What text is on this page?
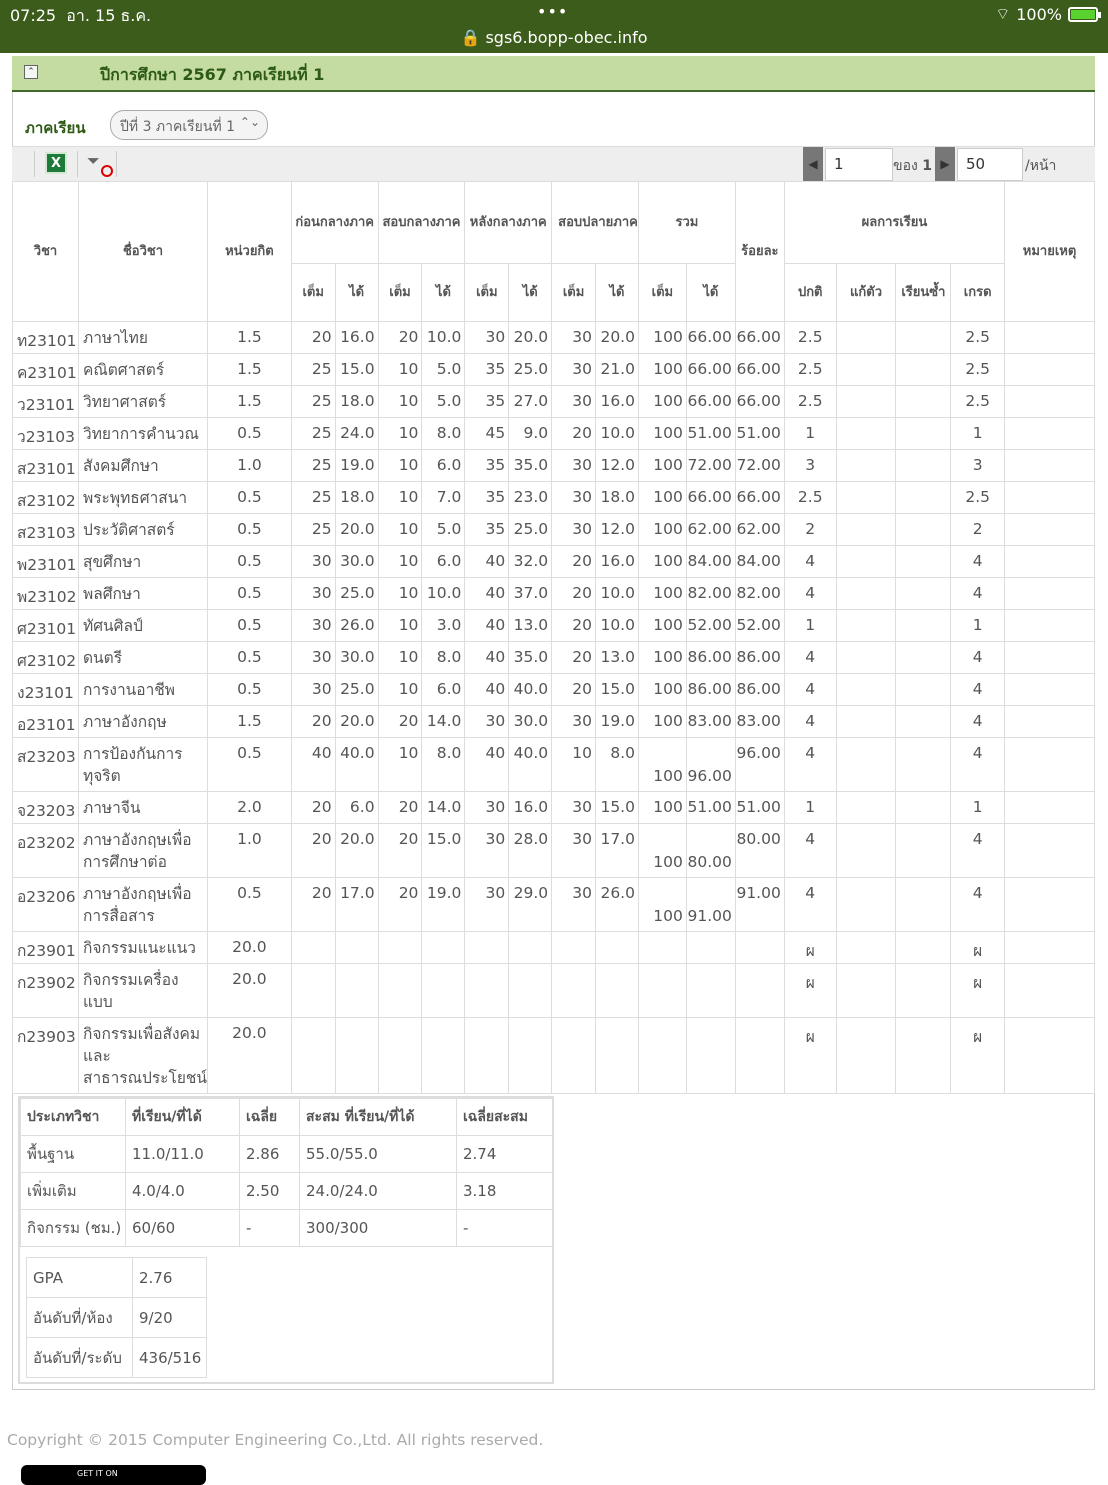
07:25 อา. 15 ธ.ค.	•••
🔒 sgs6.bopp-obec.info
⌔ 100%
⌃	ปีการศึกษา 2567 ภาคเรียนที่ 1
ภาคเรียน	ปีที่ 3 ภาคเรียนที่ 1 ⌃⌄
X	⏷	◀	1	ของ 1 ▶	50	/หน้า
วิชา	ชื่อวิชา	หน่วยกิต	ก่อนกลางภาค		สอบกลางภาค		หลังกลางภาค		สอบปลายภาค		รวม		ร้อยละ	ผลการเรียน				หมายเหตุ
			เต็ม	ได้	เต็ม	ได้	เต็ม	ได้	เต็ม	ได้	เต็ม	ได้		ปกติ	แก้ตัว	เรียนซ้ำ	เกรด	
ท23101	ภาษาไทย	1.5	20	16.0	20	10.0	30	20.0	30	20.0	100	66.00	66.00	2.5			2.5	
ค23101	คณิตศาสตร์	1.5	25	15.0	10	5.0	35	25.0	30	21.0	100	66.00	66.00	2.5			2.5	
ว23101	วิทยาศาสตร์	1.5	25	18.0	10	5.0	35	27.0	30	16.0	100	66.00	66.00	2.5			2.5	
ว23103	วิทยาการคำนวณ	0.5	25	24.0	10	8.0	45	9.0	20	10.0	100	51.00	51.00	1			1	
ส23101	สังคมศึกษา	1.0	25	19.0	10	6.0	35	35.0	30	12.0	100	72.00	72.00	3			3	
ส23102	พระพุทธศาสนา	0.5	25	18.0	10	7.0	35	23.0	30	18.0	100	66.00	66.00	2.5			2.5	
ส23103	ประวัติศาสตร์	0.5	25	20.0	10	5.0	35	25.0	30	12.0	100	62.00	62.00	2			2	
พ23101	สุขศึกษา	0.5	30	30.0	10	6.0	40	32.0	20	16.0	100	84.00	84.00	4			4	
พ23102	พลศึกษา	0.5	30	25.0	10	10.0	40	37.0	20	10.0	100	82.00	82.00	4			4	
ศ23101	ทัศนศิลป์	0.5	30	26.0	10	3.0	40	13.0	20	10.0	100	52.00	52.00	1			1	
ศ23102	ดนตรี	0.5	30	30.0	10	8.0	40	35.0	20	13.0	100	86.00	86.00	4			4	
ง23101	การงานอาชีพ	0.5	30	25.0	10	6.0	40	40.0	20	15.0	100	86.00	86.00	4			4	
อ23101	ภาษาอังกฤษ	1.5	20	20.0	20	14.0	30	30.0	30	19.0	100	83.00	83.00	4			4	
ส23203	การป้องกันการทุจริต	0.5	40	40.0	10	8.0	40	40.0	10	8.0	100	96.00	96.00	4			4	
จ23203	ภาษาจีน	2.0	20	6.0	20	14.0	30	16.0	30	15.0	100	51.00	51.00	1			1	
อ23202	ภาษาอังกฤษเพื่อการศึกษาต่อ	1.0	20	20.0	20	15.0	30	28.0	30	17.0	100	80.00	80.00	4			4	
อ23206	ภาษาอังกฤษเพื่อการสื่อสาร	0.5	20	17.0	20	19.0	30	29.0	30	26.0	100	91.00	91.00	4			4	
ก23901	กิจกรรมแนะแนว	20.0												ผ			ผ	
ก23902	กิจกรรมเครื่องแบบ	20.0												ผ			ผ	
ก23903	กิจกรรมเพื่อสังคมและสาธารณประโยชน์	20.0												ผ			ผ	
ประเภทวิชา	ที่เรียน/ที่ได้	เฉลี่ย	สะสม ที่เรียน/ที่ได้	เฉลี่ยสะสม
พื้นฐาน	11.0/11.0	2.86	55.0/55.0	2.74
เพิ่มเติม	4.0/4.0	2.50	24.0/24.0	3.18
กิจกรรม (ชม.)	60/60	-	300/300	-
GPA	2.76
อันดับที่/ห้อง	9/20
อันดับที่/ระดับ	436/516
Copyright © 2015 Computer Engineering Co.,Ltd. All rights reserved.
GET IT ON
